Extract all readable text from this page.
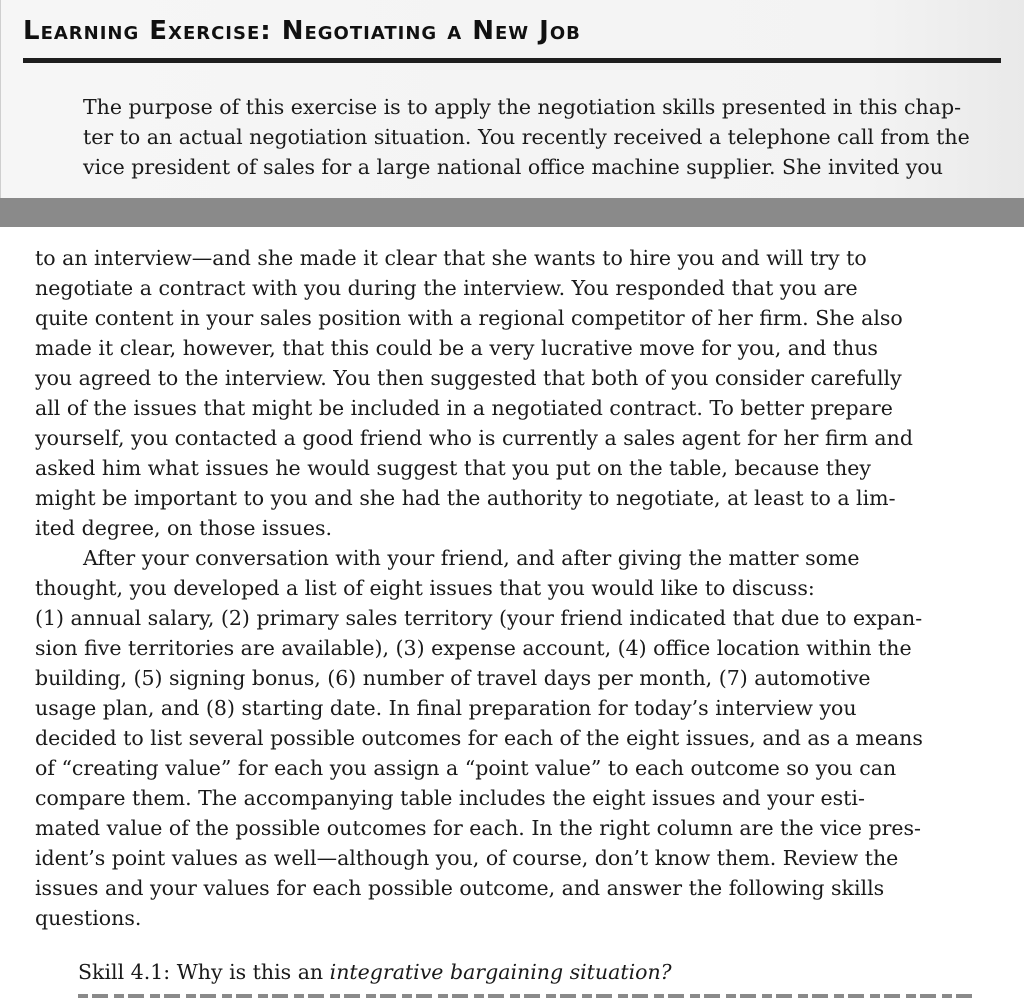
Learning Exercise: Negotiating a New Job
The purpose of this exercise is to apply the negotiation skills presented in this chap-
ter to an actual negotiation situation. You recently received a telephone call from the
vice president of sales for a large national office machine supplier. She invited you
to an interview—and she made it clear that she wants to hire you and will try to
negotiate a contract with you during the interview. You responded that you are
quite content in your sales position with a regional competitor of her firm. She also
made it clear, however, that this could be a very lucrative move for you, and thus
you agreed to the interview. You then suggested that both of you consider carefully
all of the issues that might be included in a negotiated contract. To better prepare
yourself, you contacted a good friend who is currently a sales agent for her firm and
asked him what issues he would suggest that you put on the table, because they
might be important to you and she had the authority to negotiate, at least to a lim-
ited degree, on those issues.
After your conversation with your friend, and after giving the matter some
thought, you developed a list of eight issues that you would like to discuss:
(1) annual salary, (2) primary sales territory (your friend indicated that due to expan-
sion five territories are available), (3) expense account, (4) office location within the
building, (5) signing bonus, (6) number of travel days per month, (7) automotive
usage plan, and (8) starting date. In final preparation for today’s interview you
decided to list several possible outcomes for each of the eight issues, and as a means
of “creating value” for each you assign a “point value” to each outcome so you can
compare them. The accompanying table includes the eight issues and your esti-
mated value of the possible outcomes for each. In the right column are the vice pres-
ident’s point values as well—although you, of course, don’t know them. Review the
issues and your values for each possible outcome, and answer the following skills
questions.
Skill 4.1: Why is this an integrative bargaining situation?
